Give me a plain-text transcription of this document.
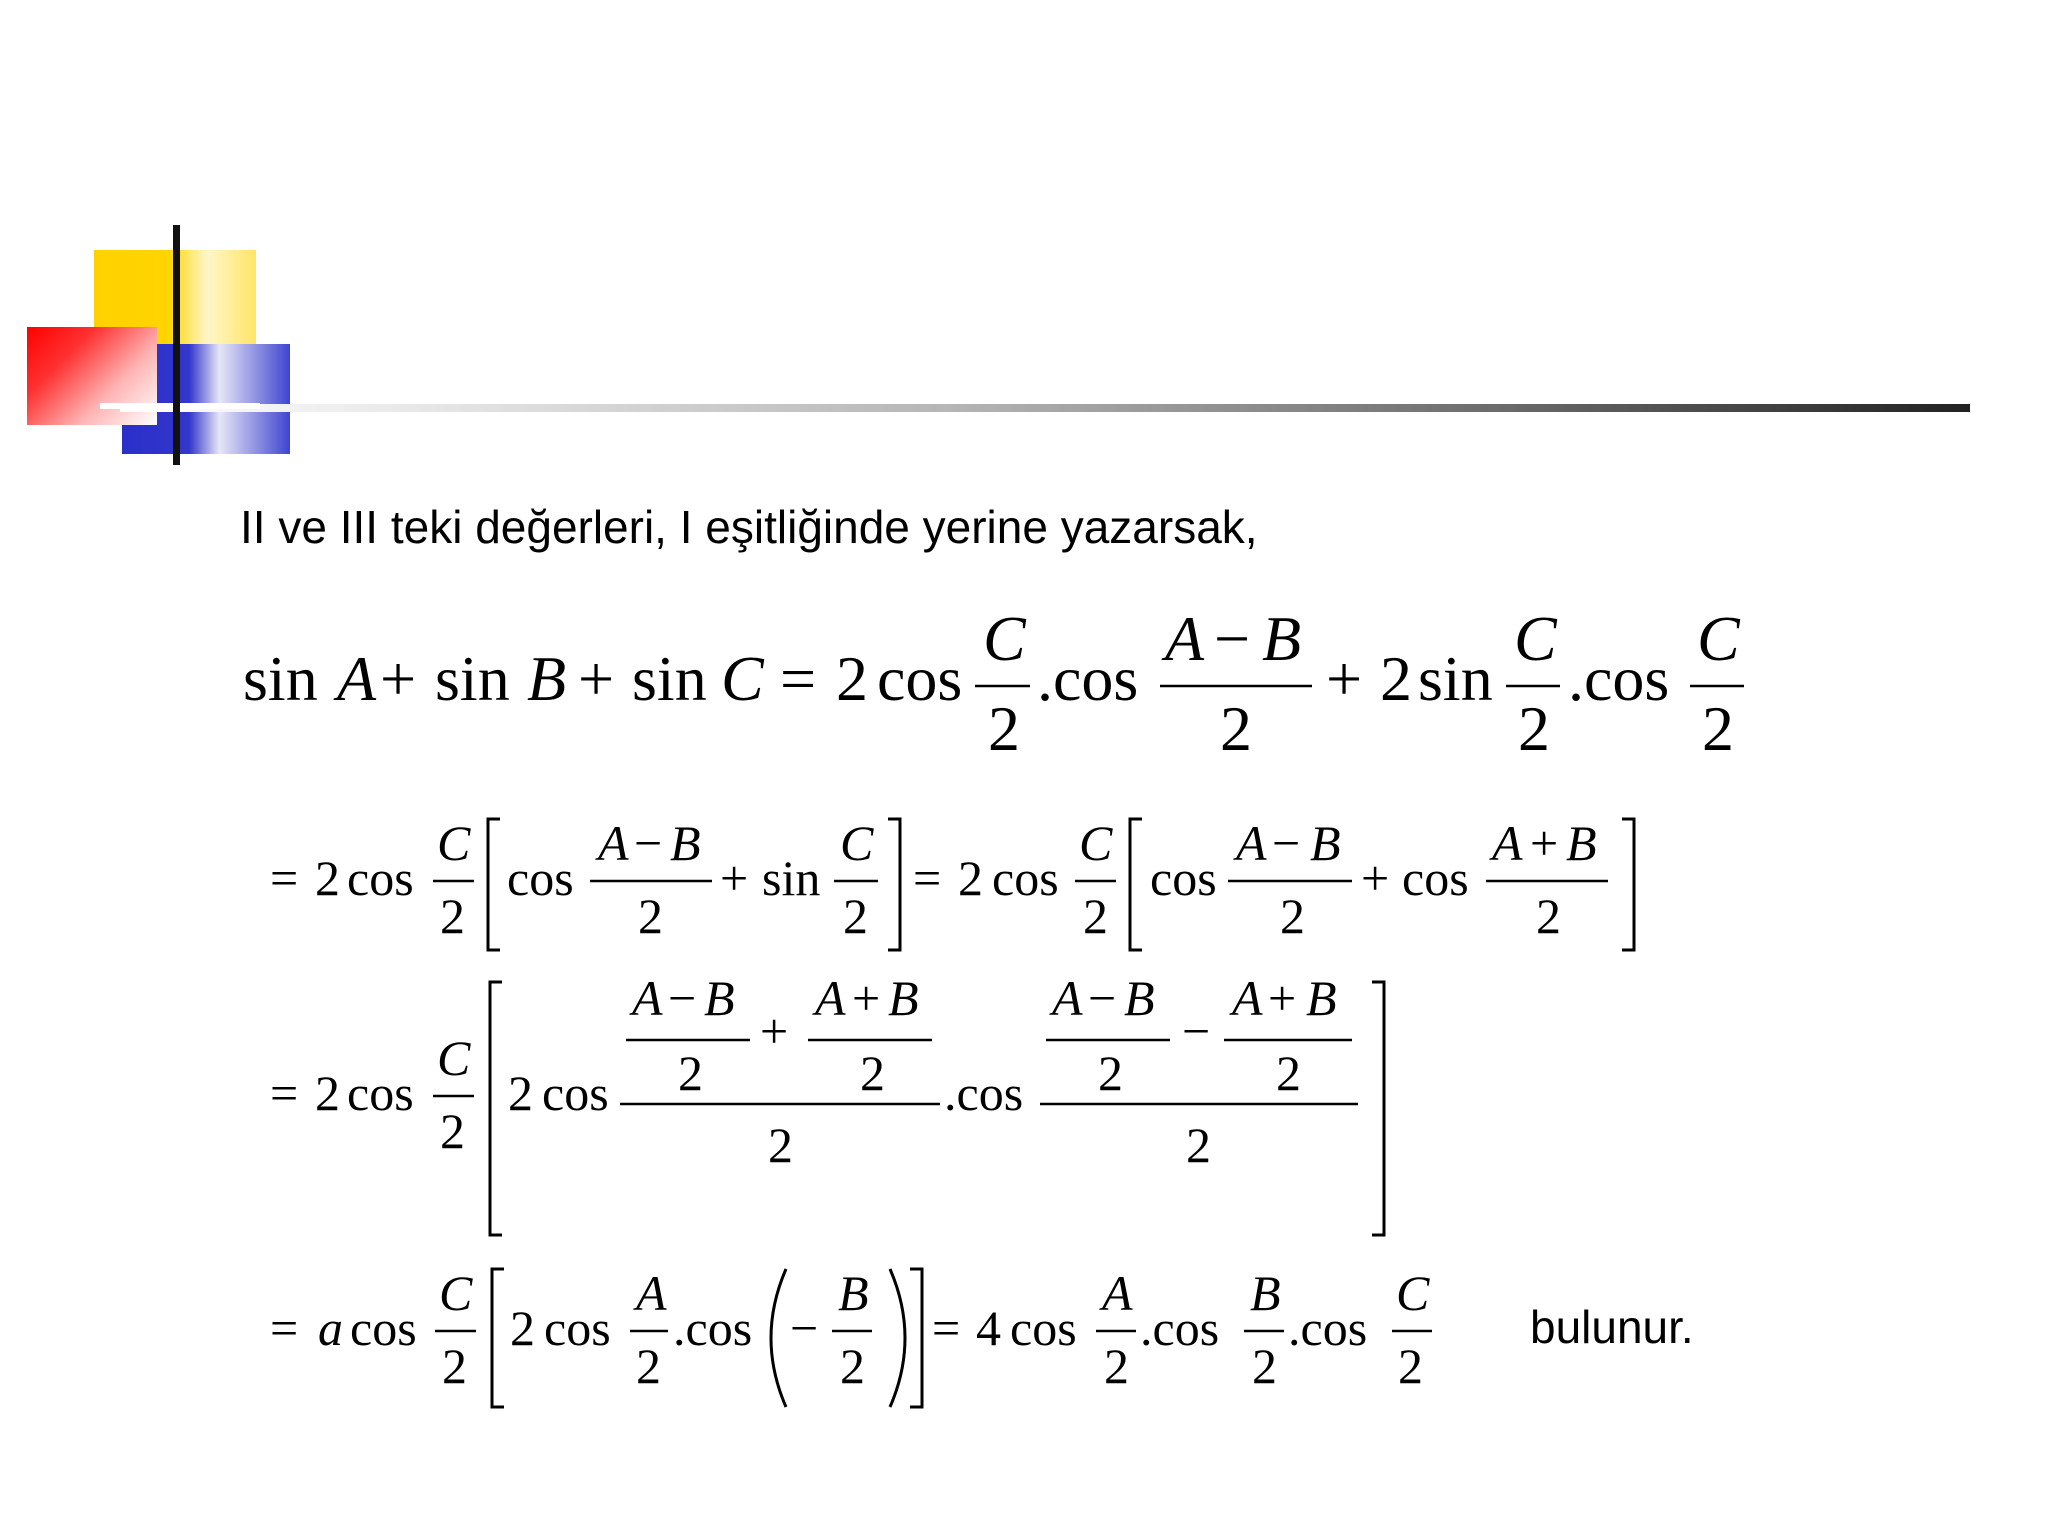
II ve III teki değerleri, I eşitliğinde yerine yazarsak,
sin A + sin B + sin C = 2 cos
C
2
.cos
A − B
2
+ 2 sin
C
2
.cos
C
2
= 2 cos
C
2
cos
A − B
2
+ sin
C
2
= 2 cos
C
2
cos
A − B
2
+ cos
A + B
2
= 2 cos
C
2
2 cos
A − B
2
+
A + B
2
2
.cos
A − B
2
−
A + B
2
2
= a cos
C
2
2 cos
A
2
.cos −
B
2
= 4 cos
A
2
.cos
B
2
.cos
C
2
bulunur.
